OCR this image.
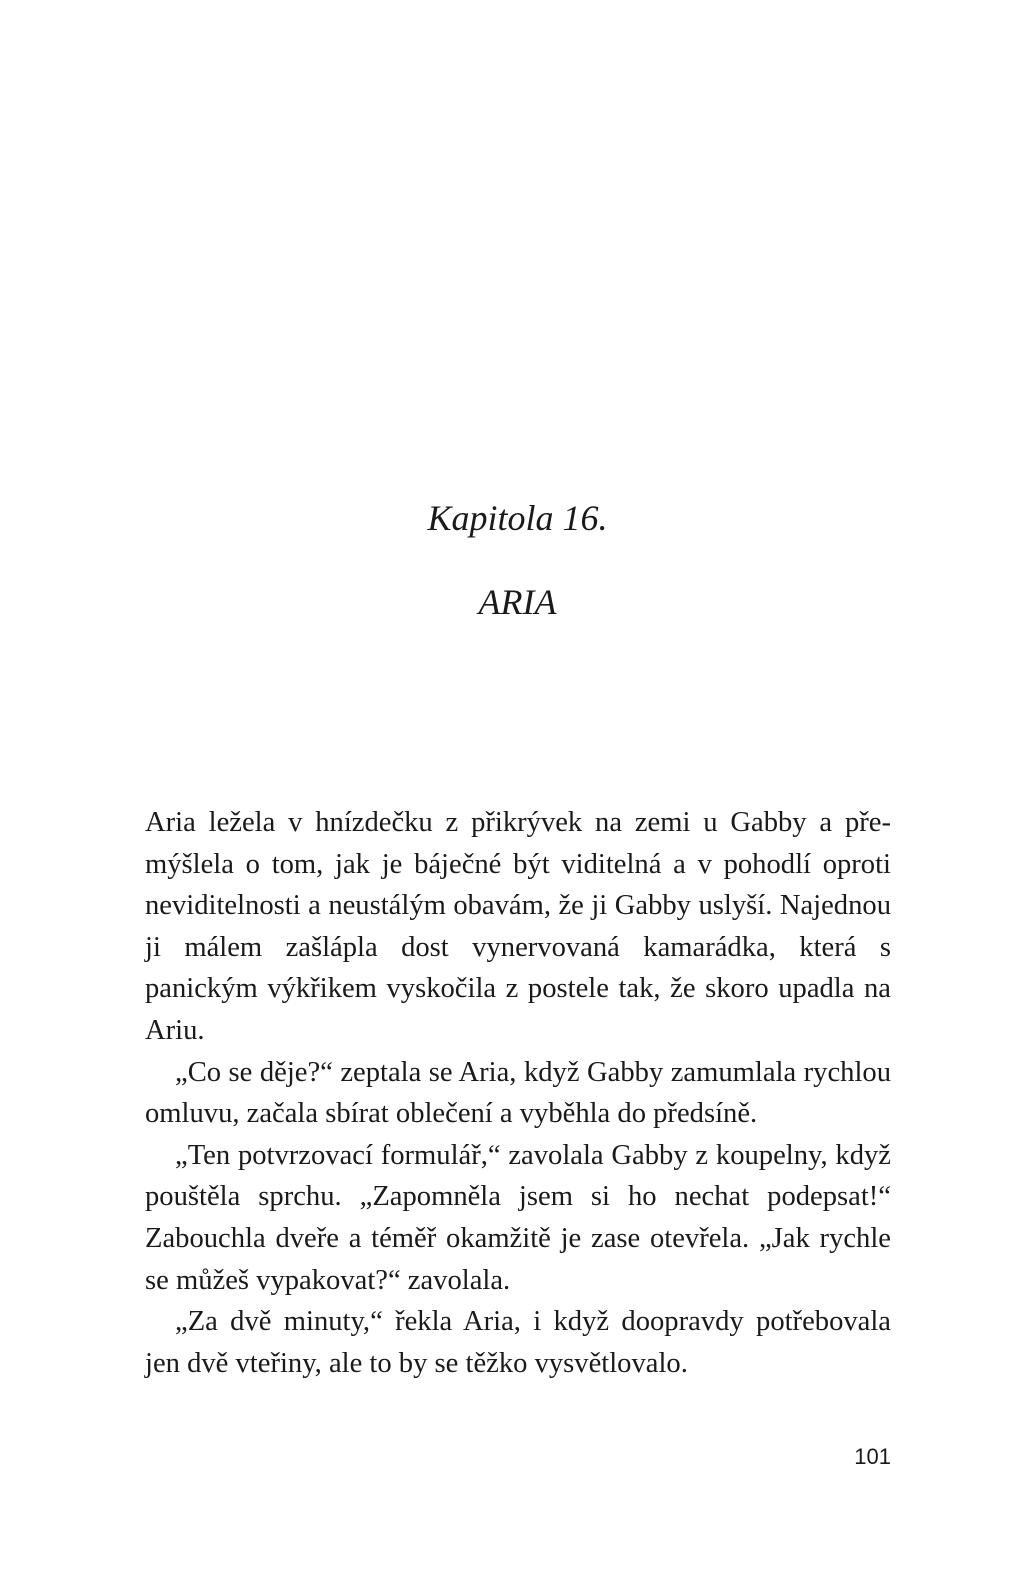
Kapitola 16.
ARIA

Aria ležela v hnízdečku z přikrývek na zemi u Gabby a přemýšlela o tom, jak je báječné být viditelná a v pohodlí oproti neviditelnosti a neustálým obavám, že ji Gabby uslyší. Najednou ji málem zašlápla dost vynervovaná kamarádka, která s panickým výkřikem vyskočila z postele tak, že skoro upadla na Ariu.

„Co se děje?“ zeptala se Aria, když Gabby zamumlala rychlou omluvu, začala sbírat oblečení a vyběhla do předsíně.

„Ten potvrzovací formulář,“ zavolala Gabby z koupelny, když pouštěla sprchu. „Zapomněla jsem si ho nechat podepsat!“ Zabouchla dveře a téměř okamžitě je zase otevřela. „Jak rychle se můžeš vypakovat?“ zavolala.

„Za dvě minuty,“ řekla Aria, i když doopravdy potřebovala jen dvě vteřiny, ale to by se těžko vysvětlovalo.

101
